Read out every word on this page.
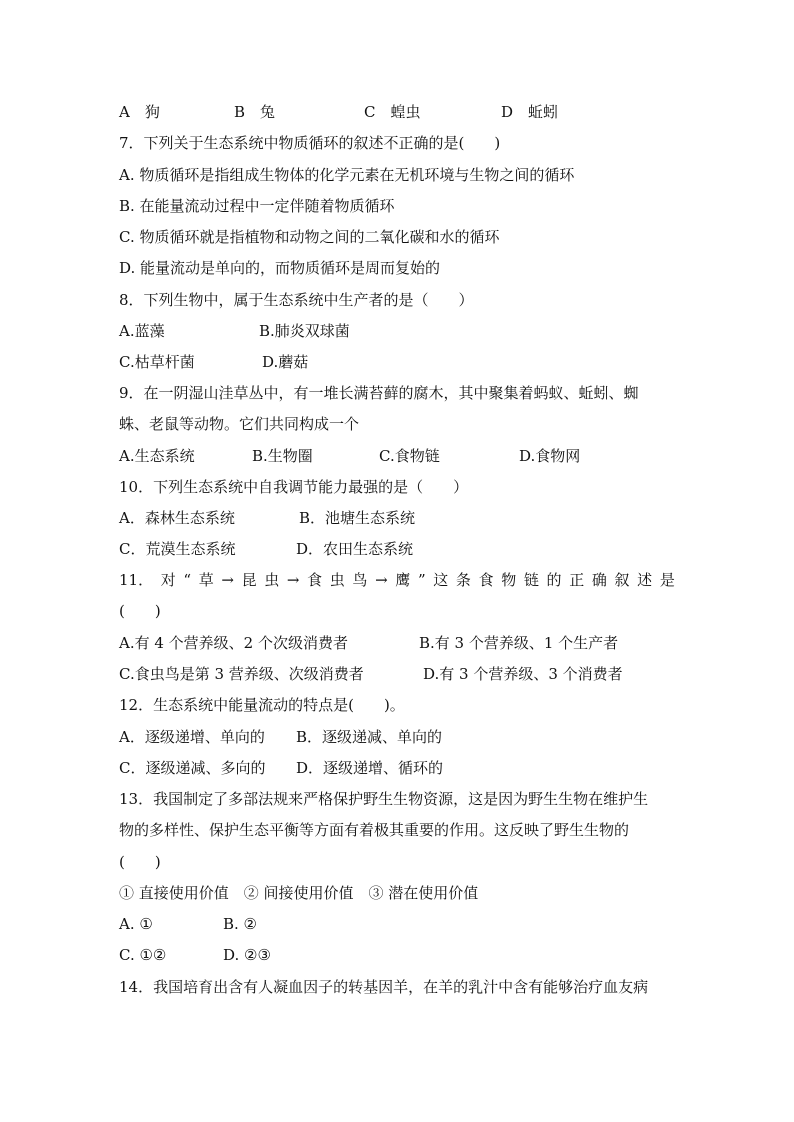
A　狗	B　兔	C　蝗虫	D　蚯蚓
7．下列关于生态系统中物质循环的叙述不正确的是(　　)
A. 物质循环是指组成生物体的化学元素在无机环境与生物之间的循环
B. 在能量流动过程中一定伴随着物质循环
C. 物质循环就是指植物和动物之间的二氧化碳和水的循环
D. 能量流动是单向的，而物质循环是周而复始的
8．下列生物中，属于生态系统中生产者的是（　　）
A.蓝藻	B.肺炎双球菌
C.枯草杆菌	D.蘑菇
9．在一阴湿山洼草丛中，有一堆长满苔藓的腐木，其中聚集着蚂蚁、蚯蚓、蜘
蛛、老鼠等动物。它们共同构成一个
A.生态系统	B.生物圈	C.食物链	D.食物网
10．下列生态系统中自我调节能力最强的是（　　）
A．森林生态系统	B．池塘生态系统
C．荒漠生态系统	D．农田生态系统
11． 对 “ 草 → 昆 虫 → 食 虫 鸟 → 鹰 ” 这 条 食 物 链 的 正 确 叙 述 是
(　　)
A.有 4 个营养级、2 个次级消费者	B.有 3 个营养级、1 个生产者
C.食虫鸟是第 3 营养级、次级消费者	D.有 3 个营养级、3 个消费者
12．生态系统中能量流动的特点是(　　)。
A．逐级递增、单向的	B．逐级递减、单向的
C．逐级递减、多向的	D．逐级递增、循环的
13．我国制定了多部法规来严格保护野生生物资源，这是因为野生生物在维护生
物的多样性、保护生态平衡等方面有着极其重要的作用。这反映了野生生物的
(　　)
① 直接使用价值　② 间接使用价值　③ 潜在使用价值
A. ①	B. ②
C. ①②	D. ②③
14．我国培育出含有人凝血因子的转基因羊，在羊的乳汁中含有能够治疗血友病
